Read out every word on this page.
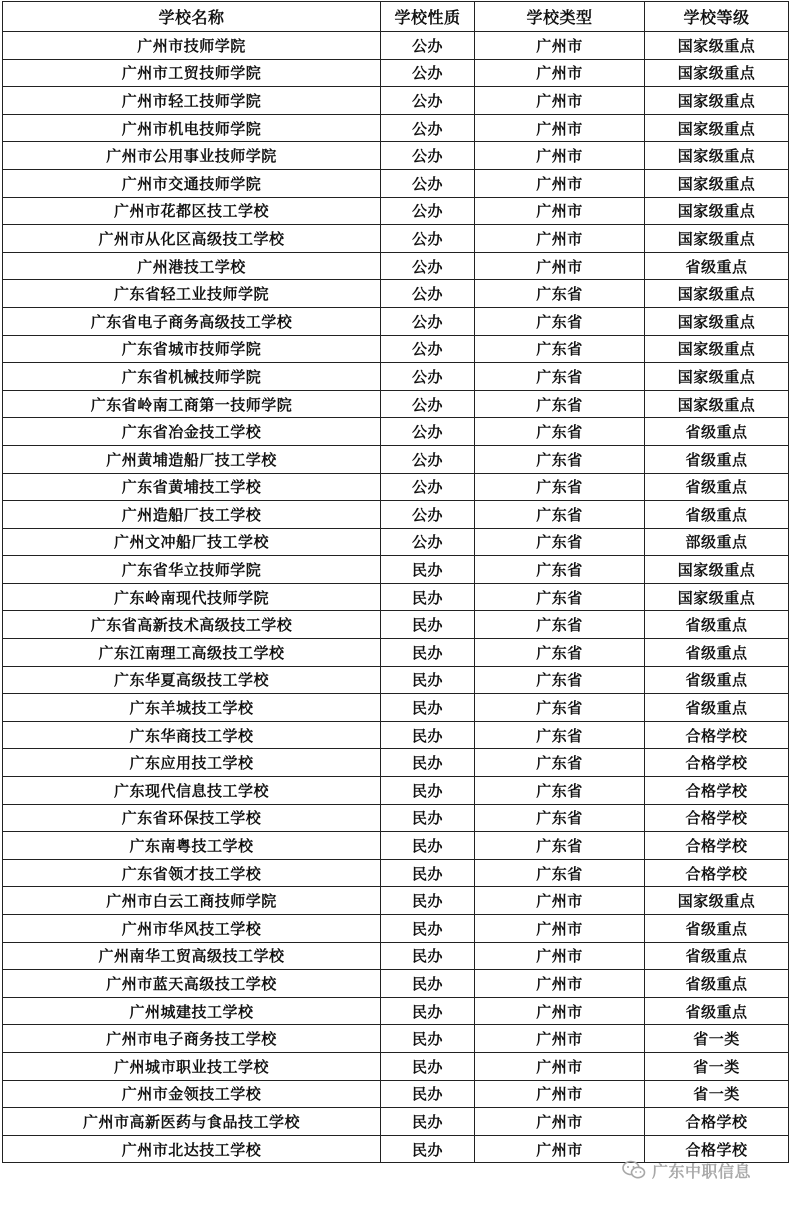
学校名称	学校性质	学校类型	学校等级
广州市技师学院	公办	广州市	国家级重点
广州市工贸技师学院	公办	广州市	国家级重点
广州市轻工技师学院	公办	广州市	国家级重点
广州市机电技师学院	公办	广州市	国家级重点
广州市公用事业技师学院	公办	广州市	国家级重点
广州市交通技师学院	公办	广州市	国家级重点
广州市花都区技工学校	公办	广州市	国家级重点
广州市从化区高级技工学校	公办	广州市	国家级重点
广州港技工学校	公办	广州市	省级重点
广东省轻工业技师学院	公办	广东省	国家级重点
广东省电子商务高级技工学校	公办	广东省	国家级重点
广东省城市技师学院	公办	广东省	国家级重点
广东省机械技师学院	公办	广东省	国家级重点
广东省岭南工商第一技师学院	公办	广东省	国家级重点
广东省冶金技工学校	公办	广东省	省级重点
广州黄埔造船厂技工学校	公办	广东省	省级重点
广东省黄埔技工学校	公办	广东省	省级重点
广州造船厂技工学校	公办	广东省	省级重点
广州文冲船厂技工学校	公办	广东省	部级重点
广东省华立技师学院	民办	广东省	国家级重点
广东岭南现代技师学院	民办	广东省	国家级重点
广东省高新技术高级技工学校	民办	广东省	省级重点
广东江南理工高级技工学校	民办	广东省	省级重点
广东华夏高级技工学校	民办	广东省	省级重点
广东羊城技工学校	民办	广东省	省级重点
广东华商技工学校	民办	广东省	合格学校
广东应用技工学校	民办	广东省	合格学校
广东现代信息技工学校	民办	广东省	合格学校
广东省环保技工学校	民办	广东省	合格学校
广东南粤技工学校	民办	广东省	合格学校
广东省领才技工学校	民办	广东省	合格学校
广州市白云工商技师学院	民办	广州市	国家级重点
广州市华风技工学校	民办	广州市	省级重点
广州南华工贸高级技工学校	民办	广州市	省级重点
广州市蓝天高级技工学校	民办	广州市	省级重点
广州城建技工学校	民办	广州市	省级重点
广州市电子商务技工学校	民办	广州市	省一类
广州城市职业技工学校	民办	广州市	省一类
广州市金领技工学校	民办	广州市	省一类
广州市高新医药与食品技工学校	民办	广州市	合格学校
广州市北达技工学校	民办	广州市	合格学校
广东中职信息
